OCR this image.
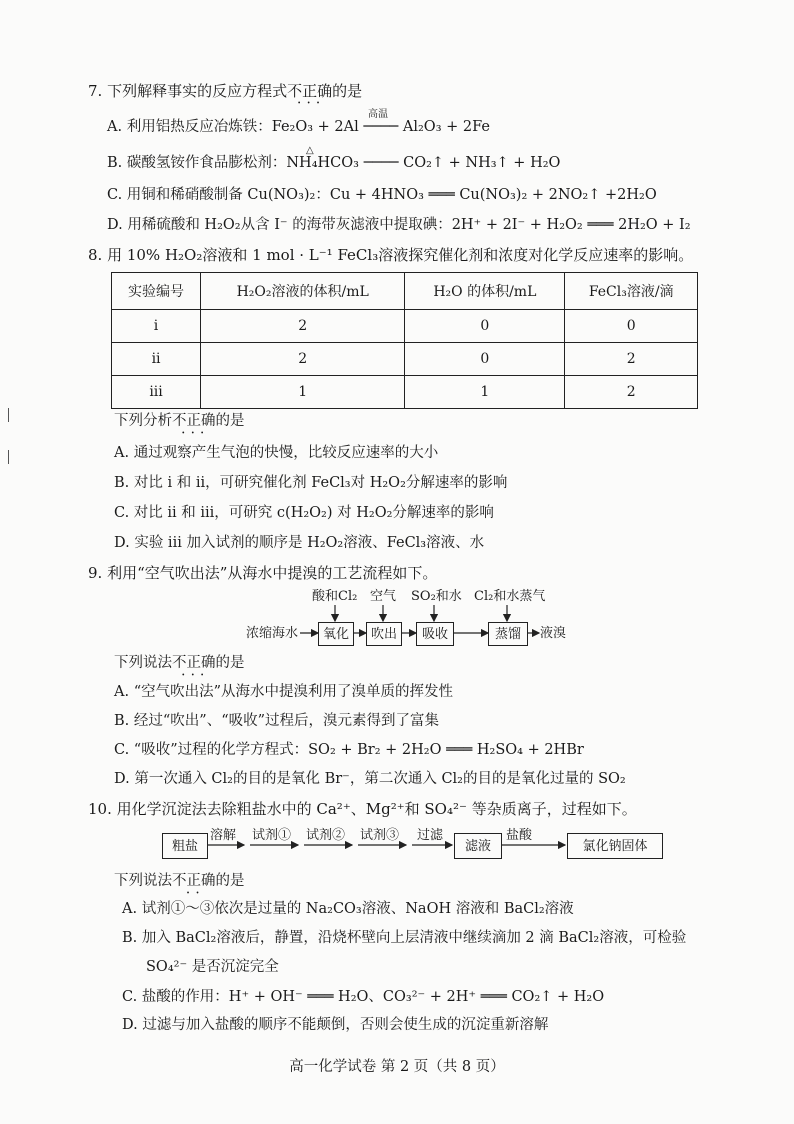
7. 下列解释事实的反应方程式不正确 • • •的是
A. 利用铝热反应冶炼铁：Fe₂O₃ + 2Al ──── Al₂O₃ + 2Fe
高温
B. 碳酸氢铵作食品膨松剂：NH₄HCO₃ ──── CO₂↑ + NH₃↑ + H₂O
△
C. 用铜和稀硝酸制备 Cu(NO₃)₂：Cu + 4HNO₃ ═══ Cu(NO₃)₂ + 2NO₂↑ +2H₂O
D. 用稀硫酸和 H₂O₂从含 I⁻ 的海带灰滤液中提取碘：2H⁺ + 2I⁻ + H₂O₂ ═══ 2H₂O + I₂
8. 用 10% H₂O₂溶液和 1 mol · L⁻¹ FeCl₃溶液探究催化剂和浓度对化学反应速率的影响。
实验编号	H₂O₂溶液的体积/mL	H₂O 的体积/mL	FeCl₃溶液/滴
i	2	0	0
ii	2	0	2
iii	1	1	2
下列分析不正确 • • •的是
A. 通过观察产生气泡的快慢，比较反应速率的大小
B. 对比 i 和 ii，可研究催化剂 FeCl₃对 H₂O₂分解速率的影响
C. 对比 ii 和 iii，可研究 c(H₂O₂) 对 H₂O₂分解速率的影响
D. 实验 iii 加入试剂的顺序是 H₂O₂溶液、FeCl₃溶液、水
9. 利用“空气吹出法”从海水中提溴的工艺流程如下。
酸和Cl₂ 空气 SO₂和水 Cl₂和水蒸气
浓缩海水	氧化	吹出	吸收	蒸馏	液溴
下列说法不正确 • • •的是
A. “空气吹出法”从海水中提溴利用了溴单质的挥发性
B. 经过“吹出”、“吸收”过程后，溴元素得到了富集
C. “吸收”过程的化学方程式：SO₂ + Br₂ + 2H₂O ═══ H₂SO₄ + 2HBr
D. 第一次通入 Cl₂的目的是氧化 Br⁻，第二次通入 Cl₂的目的是氧化过量的 SO₂
10. 用化学沉淀法去除粗盐水中的 Ca²⁺、Mg²⁺和 SO₄²⁻ 等杂质离子，过程如下。
粗盐
溶解 试剂① 试剂② 试剂③ 过滤
滤液
盐酸
氯化钠固体
下列说法不正确 • •的是
A. 试剂①～③依次是过量的 Na₂CO₃溶液、NaOH 溶液和 BaCl₂溶液
B. 加入 BaCl₂溶液后，静置，沿烧杯壁向上层清液中继续滴加 2 滴 BaCl₂溶液，可检验
SO₄²⁻ 是否沉淀完全
C. 盐酸的作用：H⁺ + OH⁻ ═══ H₂O、CO₃²⁻ + 2H⁺ ═══ CO₂↑ + H₂O
D. 过滤与加入盐酸的顺序不能颠倒，否则会使生成的沉淀重新溶解
高一化学试卷 第 2 页（共 8 页）
